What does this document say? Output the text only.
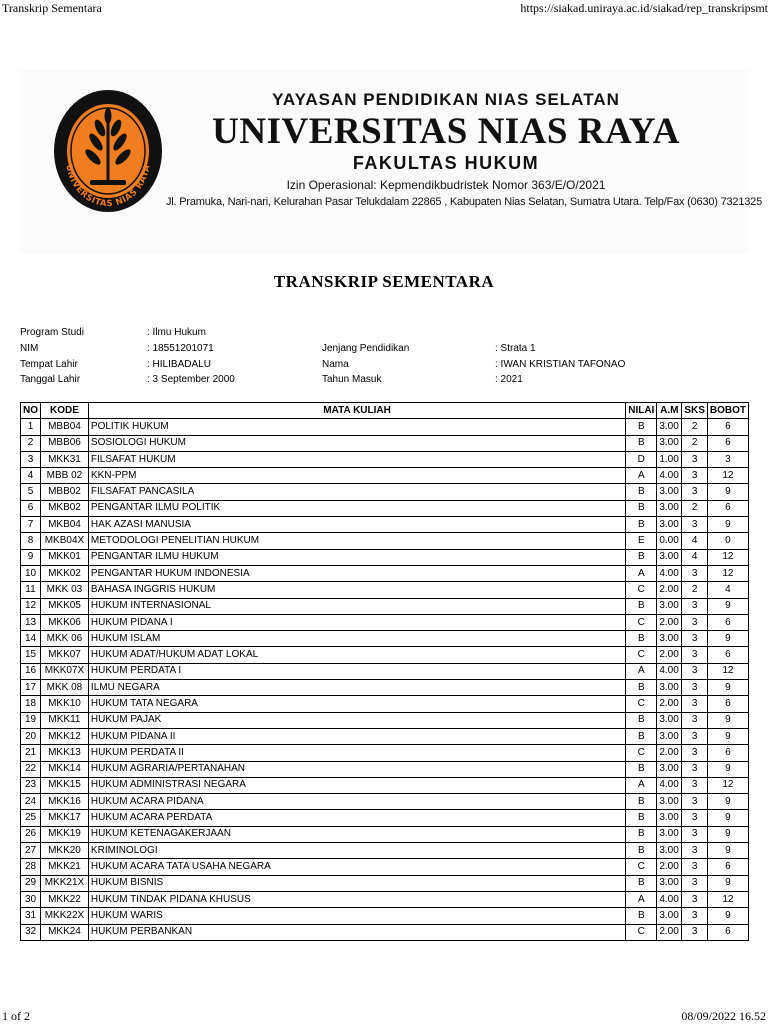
Transkrip Sementara	https://siakad.uniraya.ac.id/siakad/rep_transkripsmt
UNIVERSITAS NIAS RAYA
YAYASAN PENDIDIKAN NIAS SELATAN
UNIVERSITAS NIAS RAYA
FAKULTAS HUKUM
Izin Operasional: Kepmendikbudristek Nomor 363/E/O/2021
Jl. Pramuka, Nari-nari, Kelurahan Pasar Telukdalam 22865 , Kabupaten Nias Selatan, Sumatra Utara. Telp/Fax (0630) 7321325
TRANSKRIP SEMENTARA
Program Studi	: Ilmu Hukum
NIM	: 18551201071	Jenjang Pendidikan	: Strata 1
Tempat Lahir	: HILIBADALU	Nama	: IWAN KRISTIAN TAFONAO
Tanggal Lahir	: 3 September 2000	Tahun Masuk	: 2021
NO	KODE	MATA KULIAH	NILAI	A.M	SKS	BOBOT
1	MBB04	POLITIK HUKUM	B	3.00	2	6
2	MBB06	SOSIOLOGI HUKUM	B	3.00	2	6
3	MKK31	FILSAFAT HUKUM	D	1.00	3	3
4	MBB 02	KKN-PPM	A	4.00	3	12
5	MBB02	FILSAFAT PANCASILA	B	3.00	3	9
6	MKB02	PENGANTAR ILMU POLITIK	B	3.00	2	6
7	MKB04	HAK AZASI MANUSIA	B	3.00	3	9
8	MKB04X	METODOLOGI PENELITIAN HUKUM	E	0.00	4	0
9	MKK01	PENGANTAR ILMU HUKUM	B	3.00	4	12
10	MKK02	PENGANTAR HUKUM INDONESIA	A	4.00	3	12
11	MKK 03	BAHASA INGGRIS HUKUM	C	2.00	2	4
12	MKK05	HUKUM INTERNASIONAL	B	3.00	3	9
13	MKK06	HUKUM PIDANA I	C	2.00	3	6
14	MKK 06	HUKUM ISLAM	B	3.00	3	9
15	MKK07	HUKUM ADAT/HUKUM ADAT LOKAL	C	2.00	3	6
16	MKK07X	HUKUM PERDATA I	A	4.00	3	12
17	MKK 08	ILMU NEGARA	B	3.00	3	9
18	MKK10	HUKUM TATA NEGARA	C	2.00	3	6
19	MKK11	HUKUM PAJAK	B	3.00	3	9
20	MKK12	HUKUM PIDANA II	B	3.00	3	9
21	MKK13	HUKUM PERDATA II	C	2.00	3	6
22	MKK14	HUKUM AGRARIA/PERTANAHAN	B	3.00	3	9
23	MKK15	HUKUM ADMINISTRASI NEGARA	A	4.00	3	12
24	MKK16	HUKUM ACARA PIDANA	B	3.00	3	9
25	MKK17	HUKUM ACARA PERDATA	B	3.00	3	9
26	MKK19	HUKUM KETENAGAKERJAAN	B	3.00	3	9
27	MKK20	KRIMINOLOGI	B	3.00	3	9
28	MKK21	HUKUM ACARA TATA USAHA NEGARA	C	2.00	3	6
29	MKK21X	HUKUM BISNIS	B	3.00	3	9
30	MKK22	HUKUM TINDAK PIDANA KHUSUS	A	4.00	3	12
31	MKK22X	HUKUM WARIS	B	3.00	3	9
32	MKK24	HUKUM PERBANKAN	C	2.00	3	6
1 of 2	08/09/2022 16.52
